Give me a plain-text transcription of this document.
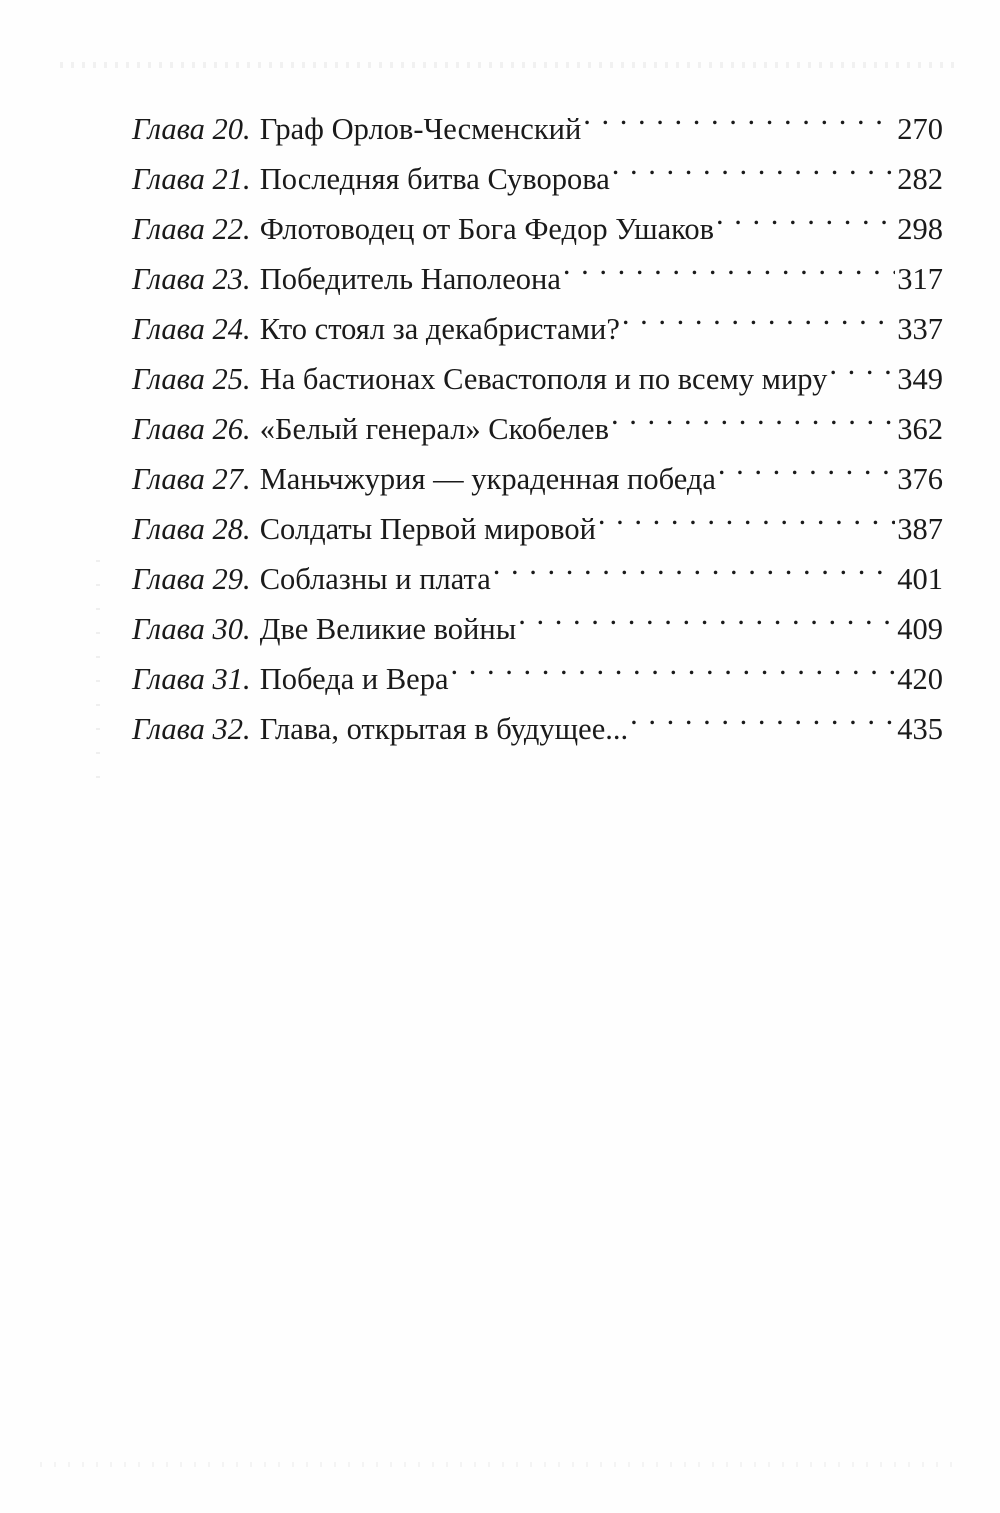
Глава 20. Граф Орлов-Чесменский . . .	270
Глава 21. Последняя битва Суворова . . .	282
Глава 22. Флотоводец от Бога Федор Ушаков . . .	298
Глава 23. Победитель Наполеона . . .	317
Глава 24. Кто стоял за декабристами? . . .	337
Глава 25. На бастионах Севастополя и по всему миру . . . 349
Глава 26. «Белый генерал» Скобелев . . .	362
Глава 27. Маньчжурия — украденная победа . . .	376
Глава 28. Солдаты Первой мировой . . .	387
Глава 29. Соблазны и плата . . .	401
Глава 30. Две Великие войны . . .	409
Глава 31. Победа и Вера . . .	420
Глава 32. Глава, открытая в будущее... . . .	435
